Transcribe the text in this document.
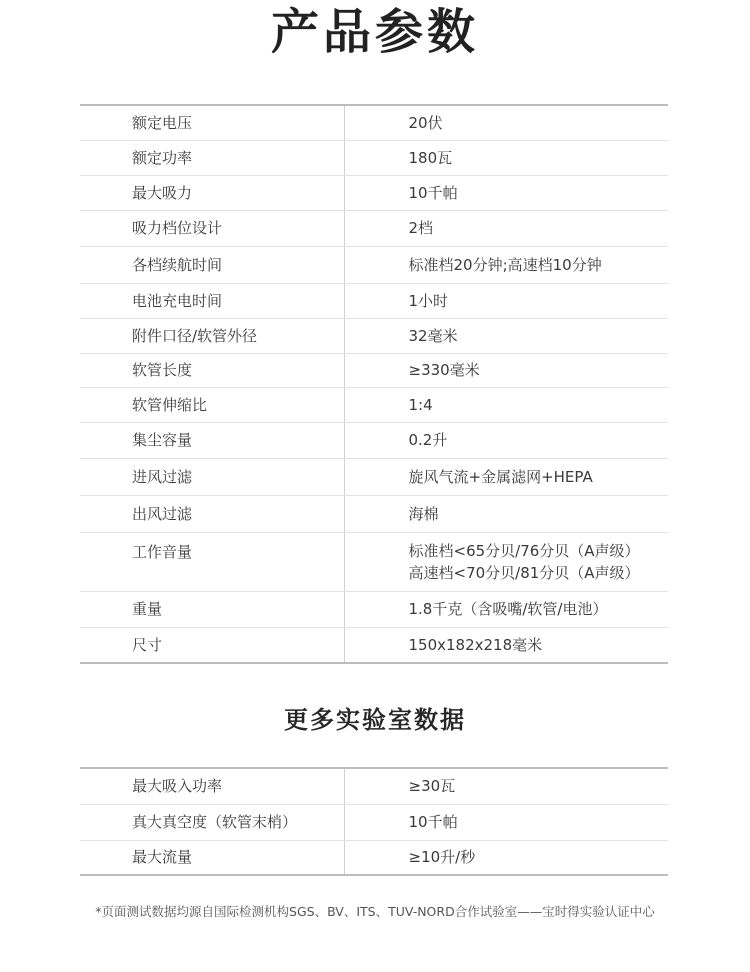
产品参数
额定电压	20伏
额定功率	180瓦
最大吸力	10千帕
吸力档位设计	2档
各档续航时间	标准档20分钟;高速档10分钟
电池充电时间	1小时
附件口径/软管外径	32毫米
软管长度	≥330毫米
软管伸缩比	1:4
集尘容量	0.2升
进风过滤	旋风气流+金属滤网+HEPA
出风过滤	海棉
工作音量	标准档<65分贝/76分贝（A声级）
高速档<70分贝/81分贝（A声级）

重量	1.8千克（含吸嘴/软管/电池）
尺寸	150x182x218毫米
更多实验室数据
最大吸入功率	≥30瓦
真大真空度（软管末梢）	10千帕
最大流量	≥10升/秒
*页面测试数据均源自国际检测机构SGS、BV、ITS、TUV-NORD合作试验室——宝时得实验认证中心
